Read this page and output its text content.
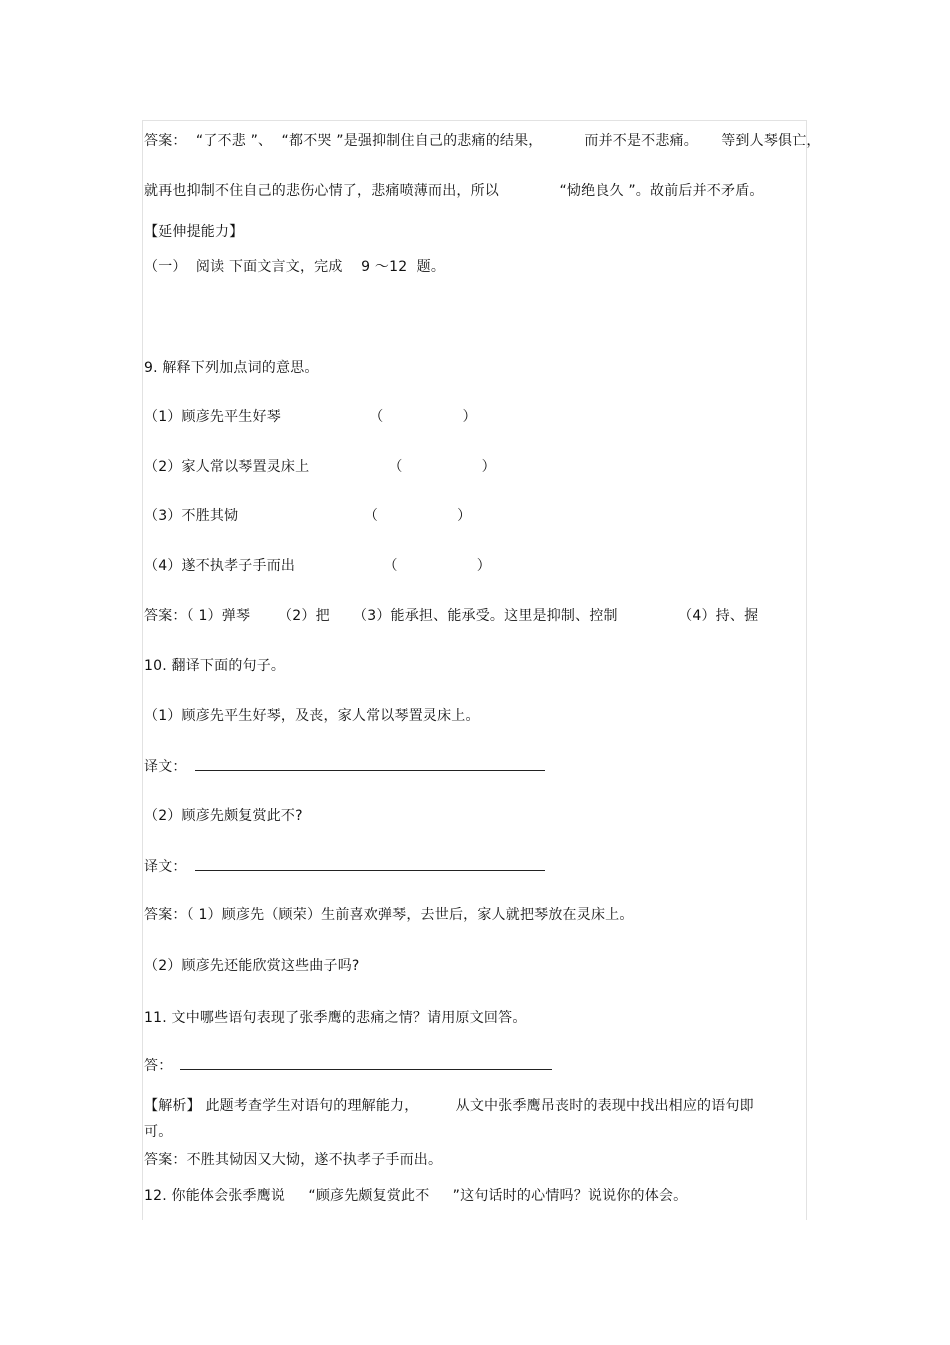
答案：  “了不悲 ”、  “都不哭 ”是强抑制住自己的悲痛的结果，         而并不是不悲痛。     等到人琴俱亡，
就再也抑制不住自己的悲伤心情了，悲痛喷薄而出，所以             “恸绝良久 ”。故前后并不矛盾。
【延伸提能力】
（一）  阅读 下面文言文，完成    9 ～12  题。
9. 解释下列加点词的意思。
（1）顾彦先平生好琴                   （                 ）
（2）家人常以琴置灵床上                 （                 ）
（3）不胜其恸                           （                 ）
（4）遂不执孝子手而出                   （                 ）
答案：（ 1）弹琴      （2）把     （3）能承担、能承受。这里是抑制、控制             （4）持、握
10. 翻译下面的句子。
（1）顾彦先平生好琴，及丧，家人常以琴置灵床上。
译文：
（2）顾彦先颇复赏此不?
译文：
答案：（ 1）顾彦先（顾荣）生前喜欢弹琴，去世后，家人就把琴放在灵床上。
（2）顾彦先还能欣赏这些曲子吗?
11. 文中哪些语句表现了张季鹰的悲痛之情？请用原文回答。
答：
【解析】 此题考查学生对语句的理解能力，        从文中张季鹰吊丧时的表现中找出相应的语句即
可。
答案：不胜其恸因又大恸，遂不执孝子手而出。
12. 你能体会张季鹰说     “顾彦先颇复赏此不     ”这句话时的心情吗？说说你的体会。
